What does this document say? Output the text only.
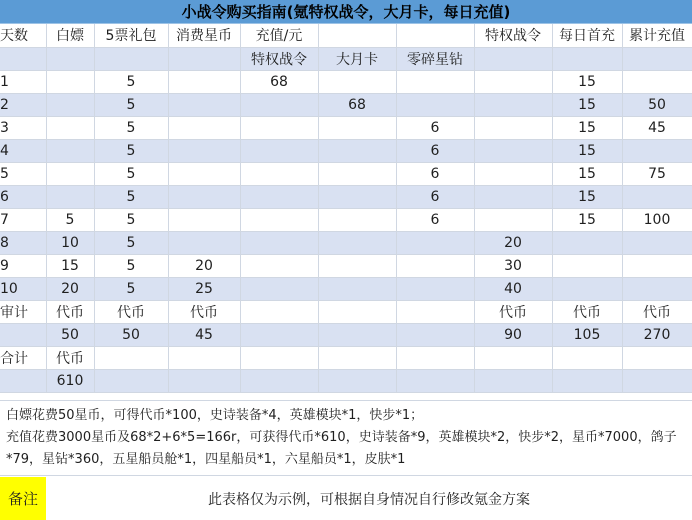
小战令购买指南(氪特权战令，大月卡，每日充值)
天数	白嫖	5票礼包	消费星币	充值/元			特权战令	每日首充	累计充值
				特权战令	大月卡	零碎星钻			
1		5		68				15	
2		5			68			15	50
3		5				6		15	45
4		5				6		15	
5		5				6		15	75
6		5				6		15	
7	5	5				6		15	100
8	10	5					20		
9	15	5	20				30		
10	20	5	25				40		
审计	代币	代币	代币				代币	代币	代币
	50	50	45				90	105	270
合计	代币								
	610								
白嫖花费50星币，可得代币*100，史诗装备*4，英雄模块*1，快步*1；
充值花费3000星币及68*2+6*5=166r，可获得代币*610，史诗装备*9，英雄模块*2，快步*2，星币*7000，鸽子*79，星钻*360，五星船员舱*1，四星船员*1，六星船员*1，皮肤*1
备注	此表格仅为示例，可根据自身情况自行修改氪金方案
